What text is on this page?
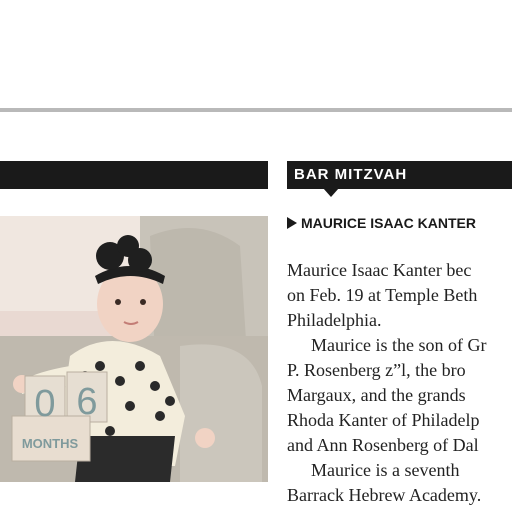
BAR MITZVAH
MAURICE ISAAC KANTER
Maurice Isaac Kanter bec
on Feb. 19 at Temple Beth
Philadelphia.
Maurice is the son of Gr
P. Rosenberg z”l, the bro
Margaux, and the grands
Rhoda Kanter of Philadelp
and Ann Rosenberg of Dal
Maurice is a seventh
Barrack Hebrew Academy.
0 6
MONTHS
